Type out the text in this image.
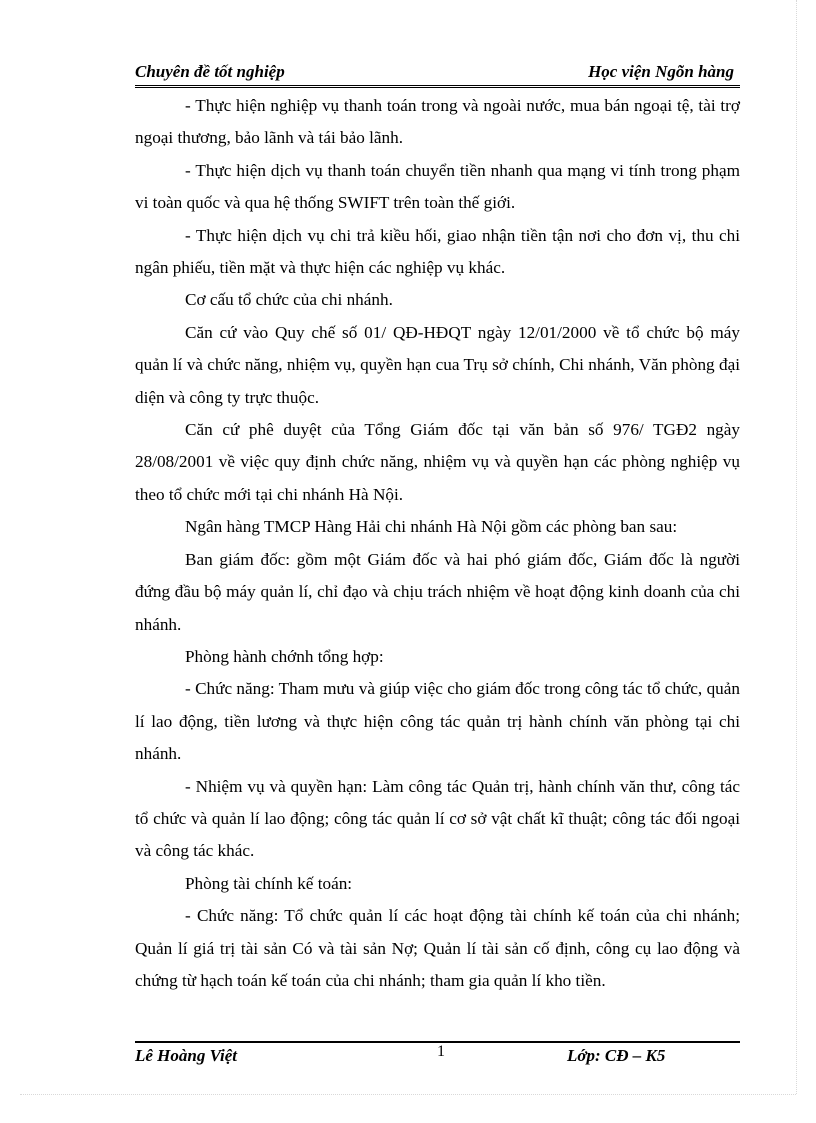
Chuyên đề tốt nghiệp	Học viện Ngõn hàng

- Thực hiện nghiệp vụ thanh toán trong và ngoài nước, mua bán ngoại tệ, tài trợ ngoại thương, bảo lãnh và tái bảo lãnh.

- Thực hiện dịch vụ thanh toán chuyển tiền nhanh qua mạng vi tính trong phạm vi toàn quốc và qua hệ thống SWIFT trên toàn thế giới.

- Thực hiện dịch vụ chi trả kiều hối, giao nhận tiền tận nơi cho đơn vị, thu chi ngân phiếu, tiền mặt và thực hiện các nghiệp vụ khác.

Cơ cấu tổ chức của chi nhánh.

Căn cứ vào Quy chế số 01/ QĐ-HĐQT ngày 12/01/2000 về tổ chức bộ máy quản lí và chức năng, nhiệm vụ, quyền hạn cua Trụ sở chính, Chi nhánh, Văn phòng đại diện và công ty trực thuộc.

Căn cứ phê duyệt của Tổng Giám đốc tại văn bản số 976/ TGĐ2 ngày 28/08/2001 về việc quy định chức năng, nhiệm vụ và quyền hạn các phòng nghiệp vụ theo tổ chức mới tại chi nhánh Hà Nội.

Ngân hàng TMCP Hàng Hải chi nhánh Hà Nội gồm các phòng ban sau:

Ban giám đốc: gồm một Giám đốc và hai phó giám đốc, Giám đốc là người đứng đầu bộ máy quản lí, chỉ đạo và chịu trách nhiệm về hoạt động kinh doanh của chi nhánh.

Phòng hành chớnh tổng hợp:

- Chức năng: Tham mưu và giúp việc cho giám đốc trong công tác tổ chức, quản lí lao động, tiền lương và thực hiện công tác quản trị hành chính văn phòng tại chi nhánh.

- Nhiệm vụ và quyền hạn: Làm công tác Quản trị, hành chính văn thư, công tác tổ chức và quản lí lao động; công tác quản lí cơ sở vật chất kĩ thuật; công tác đối ngoại và công tác khác.

Phòng tài chính kế toán:

- Chức năng: Tổ chức quản lí các hoạt động tài chính kế toán của chi nhánh; Quản lí giá trị tài sản Có và tài sản Nợ; Quản lí tài sản cố định, công cụ lao động và chứng từ hạch toán kế toán của chi nhánh; tham gia quản lí kho tiền.

Lê Hoàng Việt	1	Lớp: CĐ – K5
